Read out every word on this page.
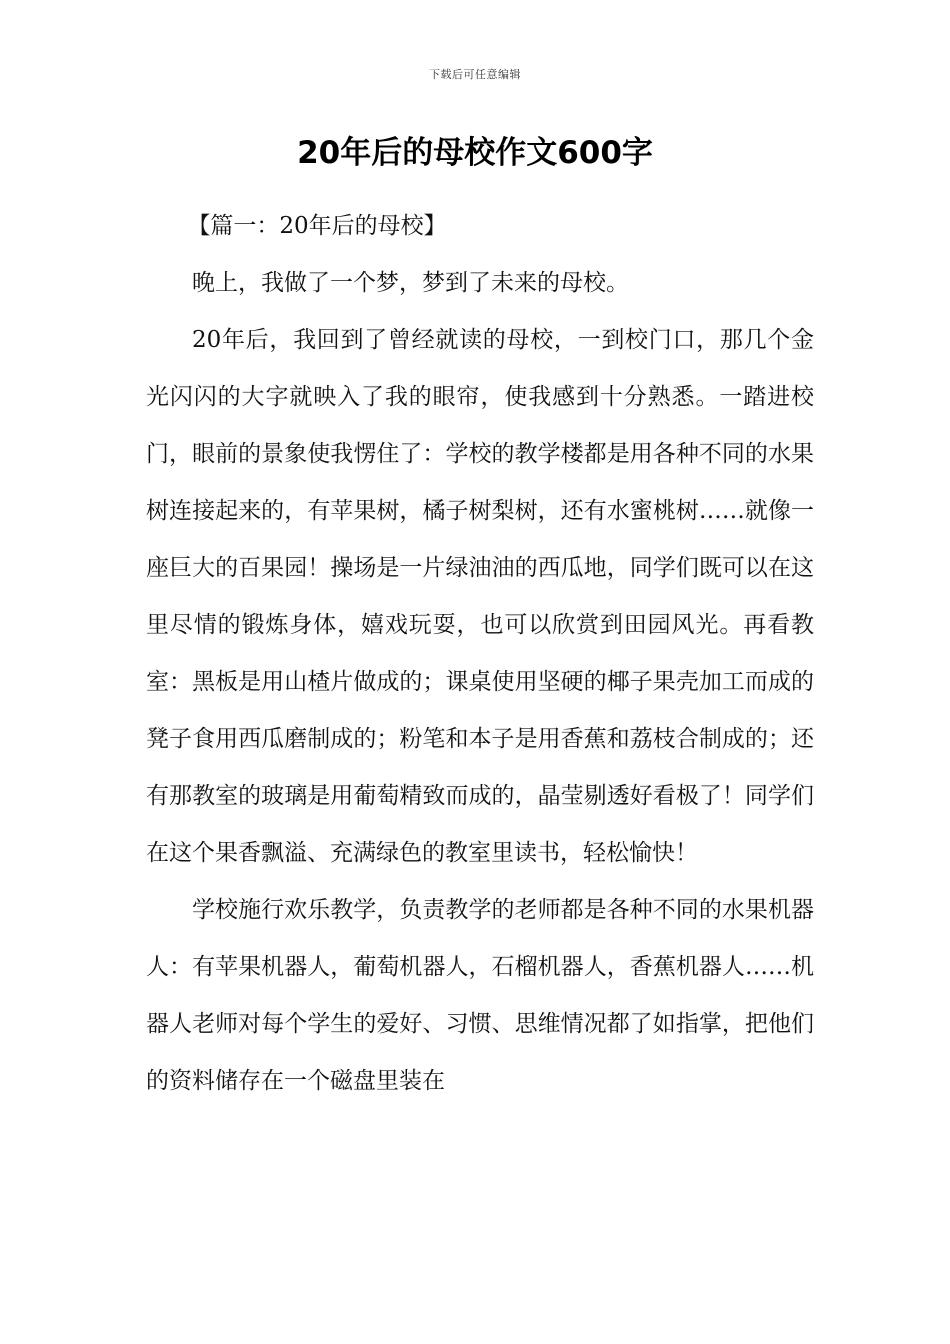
下载后可任意编辑
20年后的母校作文600字

【篇一：20年后的母校】

晚上，我做了一个梦，梦到了未来的母校。

20年后，我回到了曾经就读的母校，一到校门口，那几个金光闪闪的大字就映入了我的眼帘，使我感到十分熟悉。一踏进校门，眼前的景象使我愣住了：学校的教学楼都是用各种不同的水果树连接起来的，有苹果树，橘子树梨树，还有水蜜桃树……就像一座巨大的百果园！操场是一片绿油油的西瓜地，同学们既可以在这里尽情的锻炼身体，嬉戏玩耍，也可以欣赏到田园风光。再看教室：黑板是用山楂片做成的；课桌使用坚硬的椰子果壳加工而成的凳子食用西瓜磨制成的；粉笔和本子是用香蕉和荔枝合制成的；还有那教室的玻璃是用葡萄精致而成的，晶莹剔透好看极了！同学们在这个果香飘溢、充满绿色的教室里读书，轻松愉快！

学校施行欢乐教学，负责教学的老师都是各种不同的水果机器人：有苹果机器人，葡萄机器人，石榴机器人，香蕉机器人……机器人老师对每个学生的爱好、习惯、思维情况都了如指掌，把他们的资料储存在一个磁盘里装在
